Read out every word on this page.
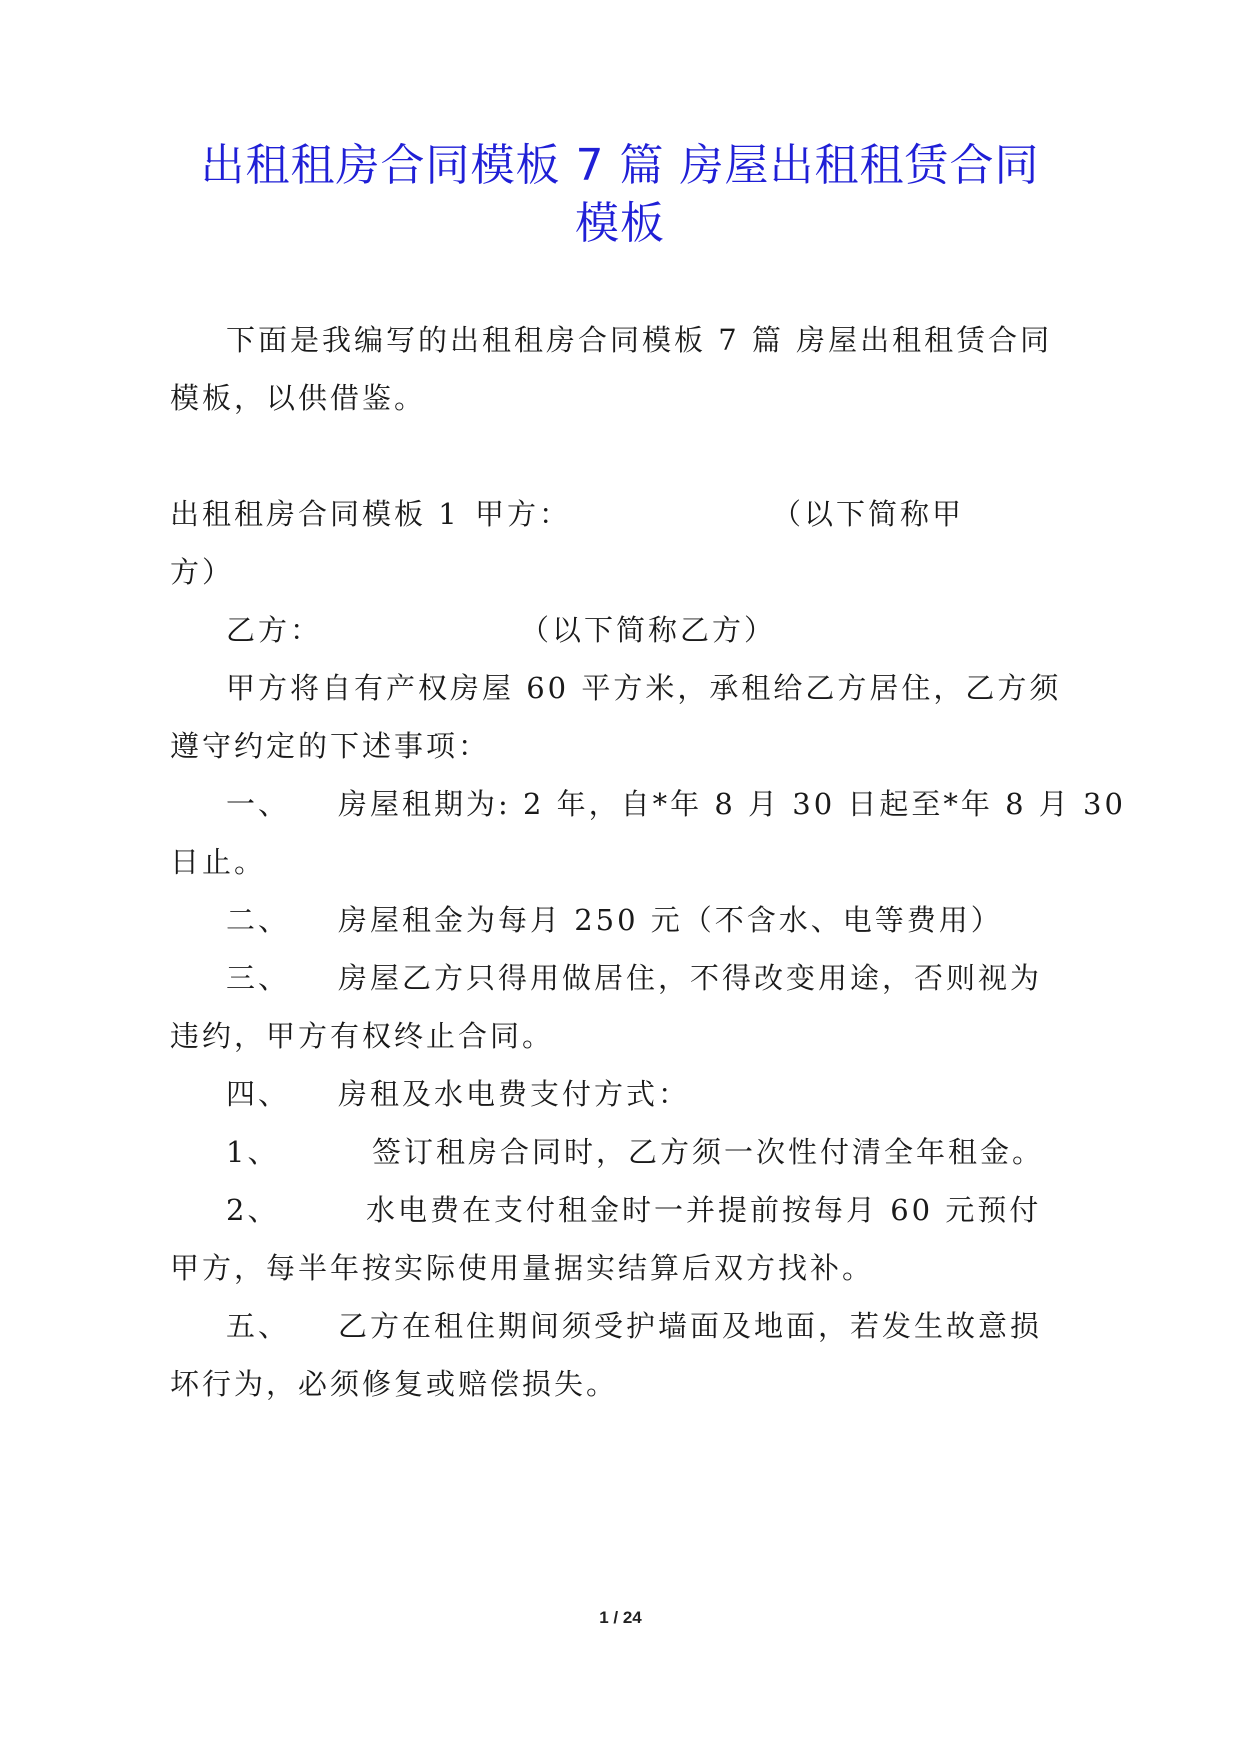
出租租房合同模板 7 篇 房屋出租租赁合同
模板
下面是我编写的出租租房合同模板 7 篇 房屋出租租赁合同
模板，以供借鉴。
出租租房合同模板 1 甲方：	（以下简称甲
方）
乙方：	（以下简称乙方）
甲方将自有产权房屋 60 平方米，承租给乙方居住，乙方须
遵守约定的下述事项：
一、 房屋租期为: 2 年，自*年 8 月 30 日起至*年 8 月 30
日止。
二、 房屋租金为每月 250 元（不含水、电等费用）
三、 房屋乙方只得用做居住，不得改变用途，否则视为
违约，甲方有权终止合同。
四、 房租及水电费支付方式：
1、	签订租房合同时，乙方须一次性付清全年租金。
2、	水电费在支付租金时一并提前按每月 60 元预付
甲方，每半年按实际使用量据实结算后双方找补。
五、 乙方在租住期间须受护墙面及地面，若发生故意损
坏行为，必须修复或赔偿损失。
1 / 24
